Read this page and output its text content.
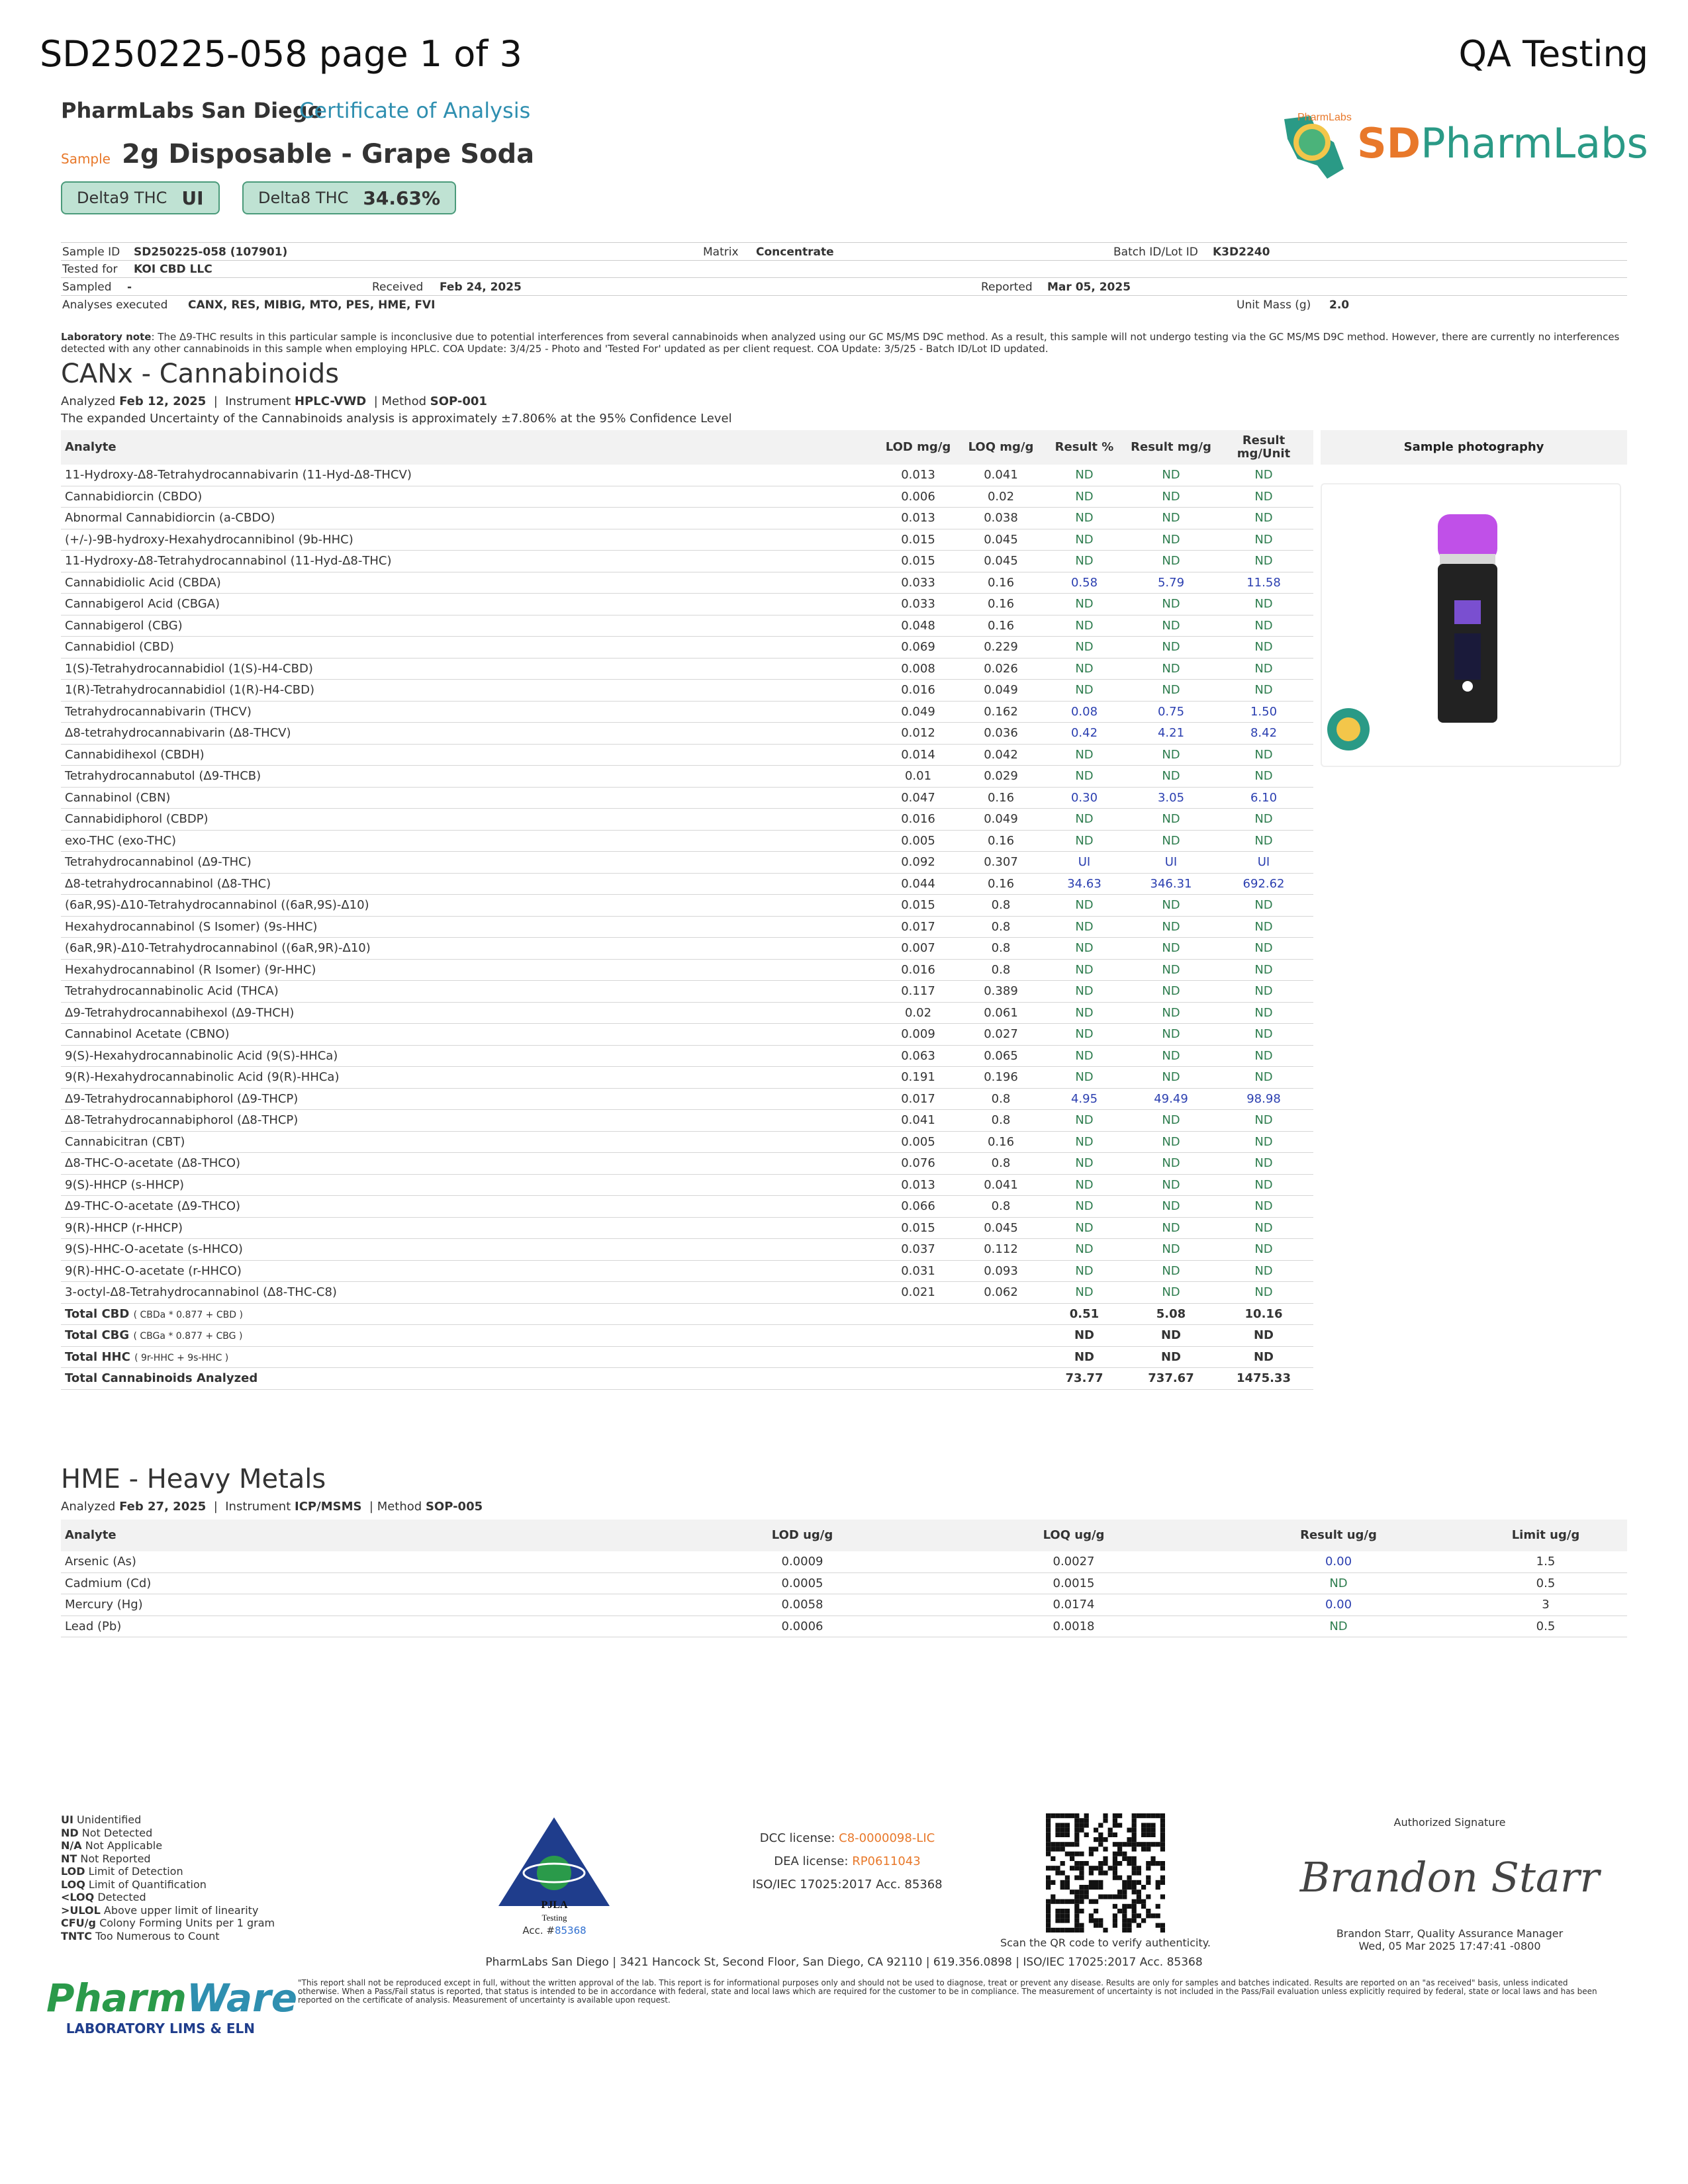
SD250225-058 page 1 of 3	QA Testing
PharmLabs San Diego
Certificate of Analysis
Sample 2g Disposable - Grape Soda
Delta9 THC UI	Delta8 THC 34.63%
PharmLabs
SDPharmLabs
Sample ID SD250225-058 (107901)	Matrix Concentrate	Batch ID/Lot ID K3D2240
Tested for KOI CBD LLC
Sampled -	Received Feb 24, 2025	Reported Mar 05, 2025
Analyses executed CANX, RES, MIBIG, MTO, PES, HME, FVI	Unit Mass (g) 2.0
Laboratory note: The Δ9-THC results in this particular sample is inconclusive due to potential interferences from several cannabinoids when analyzed using our GC MS/MS D9C method. As a result, this sample will not undergo testing via the GC MS/MS D9C method. However, there are currently no interferences detected with any other cannabinoids in this sample when employing HPLC. COA Update: 3/4/25 - Photo and 'Tested For' updated as per client request. COA Update: 3/5/25 - Batch ID/Lot ID updated.
CANx - Cannabinoids
Analyzed Feb 12, 2025  |  Instrument HPLC-VWD  | Method SOP-001
The expanded Uncertainty of the Cannabinoids analysis is approximately ±7.806% at the 95% Confidence Level
Analyte	LOD mg/g	LOQ mg/g	Result %	Result mg/g	Result mg/Unit
11-Hydroxy-Δ8-Tetrahydrocannabivarin (11-Hyd-Δ8-THCV)	0.013	0.041	ND	ND	ND
Cannabidiorcin (CBDO)	0.006	0.02	ND	ND	ND
Abnormal Cannabidiorcin (a-CBDO)	0.013	0.038	ND	ND	ND
(+/-)-9B-hydroxy-Hexahydrocannibinol (9b-HHC)	0.015	0.045	ND	ND	ND
11-Hydroxy-Δ8-Tetrahydrocannabinol (11-Hyd-Δ8-THC)	0.015	0.045	ND	ND	ND
Cannabidiolic Acid (CBDA)	0.033	0.16	0.58	5.79	11.58
Cannabigerol Acid (CBGA)	0.033	0.16	ND	ND	ND
Cannabigerol (CBG)	0.048	0.16	ND	ND	ND
Cannabidiol (CBD)	0.069	0.229	ND	ND	ND
1(S)-Tetrahydrocannabidiol (1(S)-H4-CBD)	0.008	0.026	ND	ND	ND
1(R)-Tetrahydrocannabidiol (1(R)-H4-CBD)	0.016	0.049	ND	ND	ND
Tetrahydrocannabivarin (THCV)	0.049	0.162	0.08	0.75	1.50
Δ8-tetrahydrocannabivarin (Δ8-THCV)	0.012	0.036	0.42	4.21	8.42
Cannabidihexol (CBDH)	0.014	0.042	ND	ND	ND
Tetrahydrocannabutol (Δ9-THCB)	0.01	0.029	ND	ND	ND
Cannabinol (CBN)	0.047	0.16	0.30	3.05	6.10
Cannabidiphorol (CBDP)	0.016	0.049	ND	ND	ND
exo-THC (exo-THC)	0.005	0.16	ND	ND	ND
Tetrahydrocannabinol (Δ9-THC)	0.092	0.307	UI	UI	UI
Δ8-tetrahydrocannabinol (Δ8-THC)	0.044	0.16	34.63	346.31	692.62
(6aR,9S)-Δ10-Tetrahydrocannabinol ((6aR,9S)-Δ10)	0.015	0.8	ND	ND	ND
Hexahydrocannabinol (S Isomer) (9s-HHC)	0.017	0.8	ND	ND	ND
(6aR,9R)-Δ10-Tetrahydrocannabinol ((6aR,9R)-Δ10)	0.007	0.8	ND	ND	ND
Hexahydrocannabinol (R Isomer) (9r-HHC)	0.016	0.8	ND	ND	ND
Tetrahydrocannabinolic Acid (THCA)	0.117	0.389	ND	ND	ND
Δ9-Tetrahydrocannabihexol (Δ9-THCH)	0.02	0.061	ND	ND	ND
Cannabinol Acetate (CBNO)	0.009	0.027	ND	ND	ND
9(S)-Hexahydrocannabinolic Acid (9(S)-HHCa)	0.063	0.065	ND	ND	ND
9(R)-Hexahydrocannabinolic Acid (9(R)-HHCa)	0.191	0.196	ND	ND	ND
Δ9-Tetrahydrocannabiphorol (Δ9-THCP)	0.017	0.8	4.95	49.49	98.98
Δ8-Tetrahydrocannabiphorol (Δ8-THCP)	0.041	0.8	ND	ND	ND
Cannabicitran (CBT)	0.005	0.16	ND	ND	ND
Δ8-THC-O-acetate (Δ8-THCO)	0.076	0.8	ND	ND	ND
9(S)-HHCP (s-HHCP)	0.013	0.041	ND	ND	ND
Δ9-THC-O-acetate (Δ9-THCO)	0.066	0.8	ND	ND	ND
9(R)-HHCP (r-HHCP)	0.015	0.045	ND	ND	ND
9(S)-HHC-O-acetate (s-HHCO)	0.037	0.112	ND	ND	ND
9(R)-HHC-O-acetate (r-HHCO)	0.031	0.093	ND	ND	ND
3-octyl-Δ8-Tetrahydrocannabinol (Δ8-THC-C8)	0.021	0.062	ND	ND	ND
Total CBD ( CBDa * 0.877 + CBD )			0.51	5.08	10.16
Total CBG ( CBGa * 0.877 + CBG )			ND	ND	ND
Total HHC ( 9r-HHC + 9s-HHC )			ND	ND	ND
Total Cannabinoids Analyzed			73.77	737.67	1475.33
Sample photography
HME - Heavy Metals
Analyzed Feb 27, 2025  |  Instrument ICP/MSMS  | Method SOP-005
Analyte	LOD ug/g	LOQ ug/g	Result ug/g	Limit ug/g
Arsenic (As)	0.0009	0.0027	0.00	1.5
Cadmium (Cd)	0.0005	0.0015	ND	0.5
Mercury (Hg)	0.0058	0.0174	0.00	3
Lead (Pb)	0.0006	0.0018	ND	0.5
UI Unidentified
ND Not Detected
N/A Not Applicable
NT Not Reported
LOD Limit of Detection
LOQ Limit of Quantification
<LOQ Detected
>ULOL Above upper limit of linearity
CFU/g Colony Forming Units per 1 gram
TNTC Too Numerous to Count
PJLA
Testing
Acc. #85368
DCC license: C8-0000098-LIC
DEA license: RP0611043
ISO/IEC 17025:2017 Acc. 85368
Scan the QR code to verify authenticity.
Authorized Signature
Brandon Starr
Brandon Starr, Quality Assurance Manager
Wed, 05 Mar 2025 17:47:41 -0800
PharmLabs San Diego | 3421 Hancock St, Second Floor, San Diego, CA 92110 | 619.356.0898 | ISO/IEC 17025:2017 Acc. 85368
"This report shall not be reproduced except in full, without the written approval of the lab. This report is for informational purposes only and should not be used to diagnose, treat or prevent any disease. Results are only for samples and batches indicated. Results are reported on an "as received" basis, unless indicated otherwise. When a Pass/Fail status is reported, that status is intended to be in accordance with federal, state and local laws which are required for the customer to be in compliance. The measurement of uncertainty is not included in the Pass/Fail evaluation unless explicitly required by federal, state or local laws and has been reported on the certificate of analysis. Measurement of uncertainty is available upon request.
PharmWare
LABORATORY LIMS & ELN
